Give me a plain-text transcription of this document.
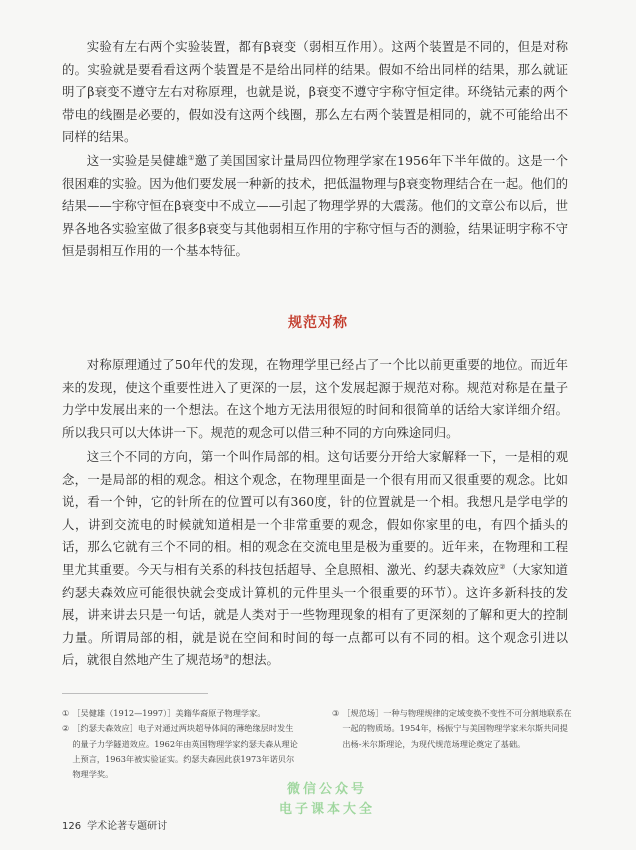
实验有左右两个实验装置，都有β衰变（弱相互作用）。这两个装置是不同的，但是对称的。实验就是要看看这两个装置是不是给出同样的结果。假如不给出同样的结果，那么就证明了β衰变不遵守左右对称原理，也就是说，β衰变不遵守宇称守恒定律。环绕钴元素的两个带电的线圈是必要的，假如没有这两个线圈，那么左右两个装置是相同的，就不可能给出不同样的结果。

这一实验是吴健雄①邀了美国国家计量局四位物理学家在1956年下半年做的。这是一个很困难的实验。因为他们要发展一种新的技术，把低温物理与β衰变物理结合在一起。他们的结果——宇称守恒在β衰变中不成立——引起了物理学界的大震荡。他们的文章公布以后，世界各地各实验室做了很多β衰变与其他弱相互作用的宇称守恒与否的测验，结果证明宇称不守恒是弱相互作用的一个基本特征。

规范对称

对称原理通过了50年代的发现，在物理学里已经占了一个比以前更重要的地位。而近年来的发现，使这个重要性进入了更深的一层，这个发展起源于规范对称。规范对称是在量子力学中发展出来的一个想法。在这个地方无法用很短的时间和很简单的话给大家详细介绍。所以我只可以大体讲一下。规范的观念可以借三种不同的方向殊途同归。

这三个不同的方向，第一个叫作局部的相。这句话要分开给大家解释一下，一是相的观念，一是局部的相的观念。相这个观念，在物理里面是一个很有用而又很重要的观念。比如说，看一个钟，它的针所在的位置可以有360度，针的位置就是一个相。我想凡是学电学的人，讲到交流电的时候就知道相是一个非常重要的观念，假如你家里的电，有四个插头的话，那么它就有三个不同的相。相的观念在交流电里是极为重要的。近年来，在物理和工程里尤其重要。今天与相有关系的科技包括超导、全息照相、激光、约瑟夫森效应②（大家知道约瑟夫森效应可能很快就会变成计算机的元件里头一个很重要的环节）。这许多新科技的发展，讲来讲去只是一句话，就是人类对于一些物理现象的相有了更深刻的了解和更大的控制力量。所谓局部的相，就是说在空间和时间的每一点都可以有不同的相。这个观念引进以后，就很自然地产生了规范场③的想法。

① ［吴健雄（1912—1997）］美籍华裔原子物理学家。

② ［约瑟夫森效应］电子对通过两块超导体间的薄绝缘层时发生的量子力学隧道效应。1962年由英国物理学家约瑟夫森从理论上预言，1963年被实验证实。约瑟夫森因此获1973年诺贝尔物理学奖。

③ ［规范场］一种与物理规律的定域变换不变性不可分割地联系在一起的物质场。1954年，杨振宁与美国物理学家米尔斯共同提出杨-米尔斯理论，为现代规范场理论奠定了基础。

微信公众号
电子课本大全
126 学术论著专题研讨
